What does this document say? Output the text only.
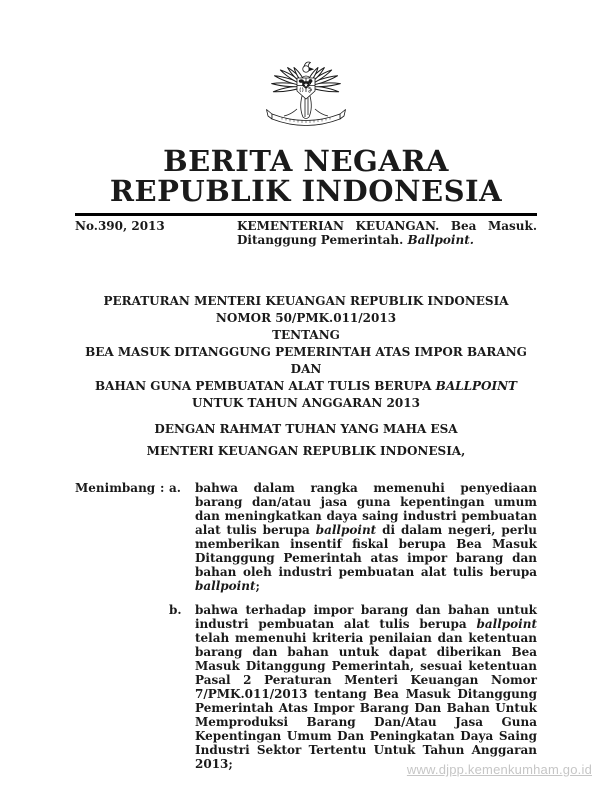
BERITA NEGARA
REPUBLIK INDONESIA
No.390, 2013	KEMENTERIAN KEUANGAN. Bea Masuk.
Ditanggung Pemerintah. Ballpoint.
PERATURAN MENTERI KEUANGAN REPUBLIK INDONESIA
NOMOR 50/PMK.011/2013
TENTANG
BEA MASUK DITANGGUNG PEMERINTAH ATAS IMPOR BARANG DAN
BAHAN GUNA PEMBUATAN ALAT TULIS BERUPA BALLPOINT
UNTUK TAHUN ANGGARAN 2013
DENGAN RAHMAT TUHAN YANG MAHA ESA
MENTERI KEUANGAN REPUBLIK INDONESIA,
Menimbang : a.	bahwa dalam rangka memenuhi penyediaan barang dan/atau jasa guna kepentingan umum dan meningkatkan daya saing industri pembuatan alat tulis berupa ballpoint di dalam negeri, perlu memberikan insentif fiskal berupa Bea Masuk Ditanggung Pemerintah atas impor barang dan bahan oleh industri pembuatan alat tulis berupa ballpoint;
b.	bahwa terhadap impor barang dan bahan untuk industri pembuatan alat tulis berupa ballpoint telah memenuhi kriteria penilaian dan ketentuan barang dan bahan untuk dapat diberikan Bea Masuk Ditanggung Pemerintah, sesuai ketentuan Pasal 2 Peraturan Menteri Keuangan Nomor 7/PMK.011/2013 tentang Bea Masuk Ditanggung Pemerintah Atas Impor Barang Dan Bahan Untuk Memproduksi Barang Dan/Atau Jasa Guna Kepentingan Umum Dan Peningkatan Daya Saing Industri Sektor Tertentu Untuk Tahun Anggaran 2013;	www.djpp.kemenkumham.go.id
